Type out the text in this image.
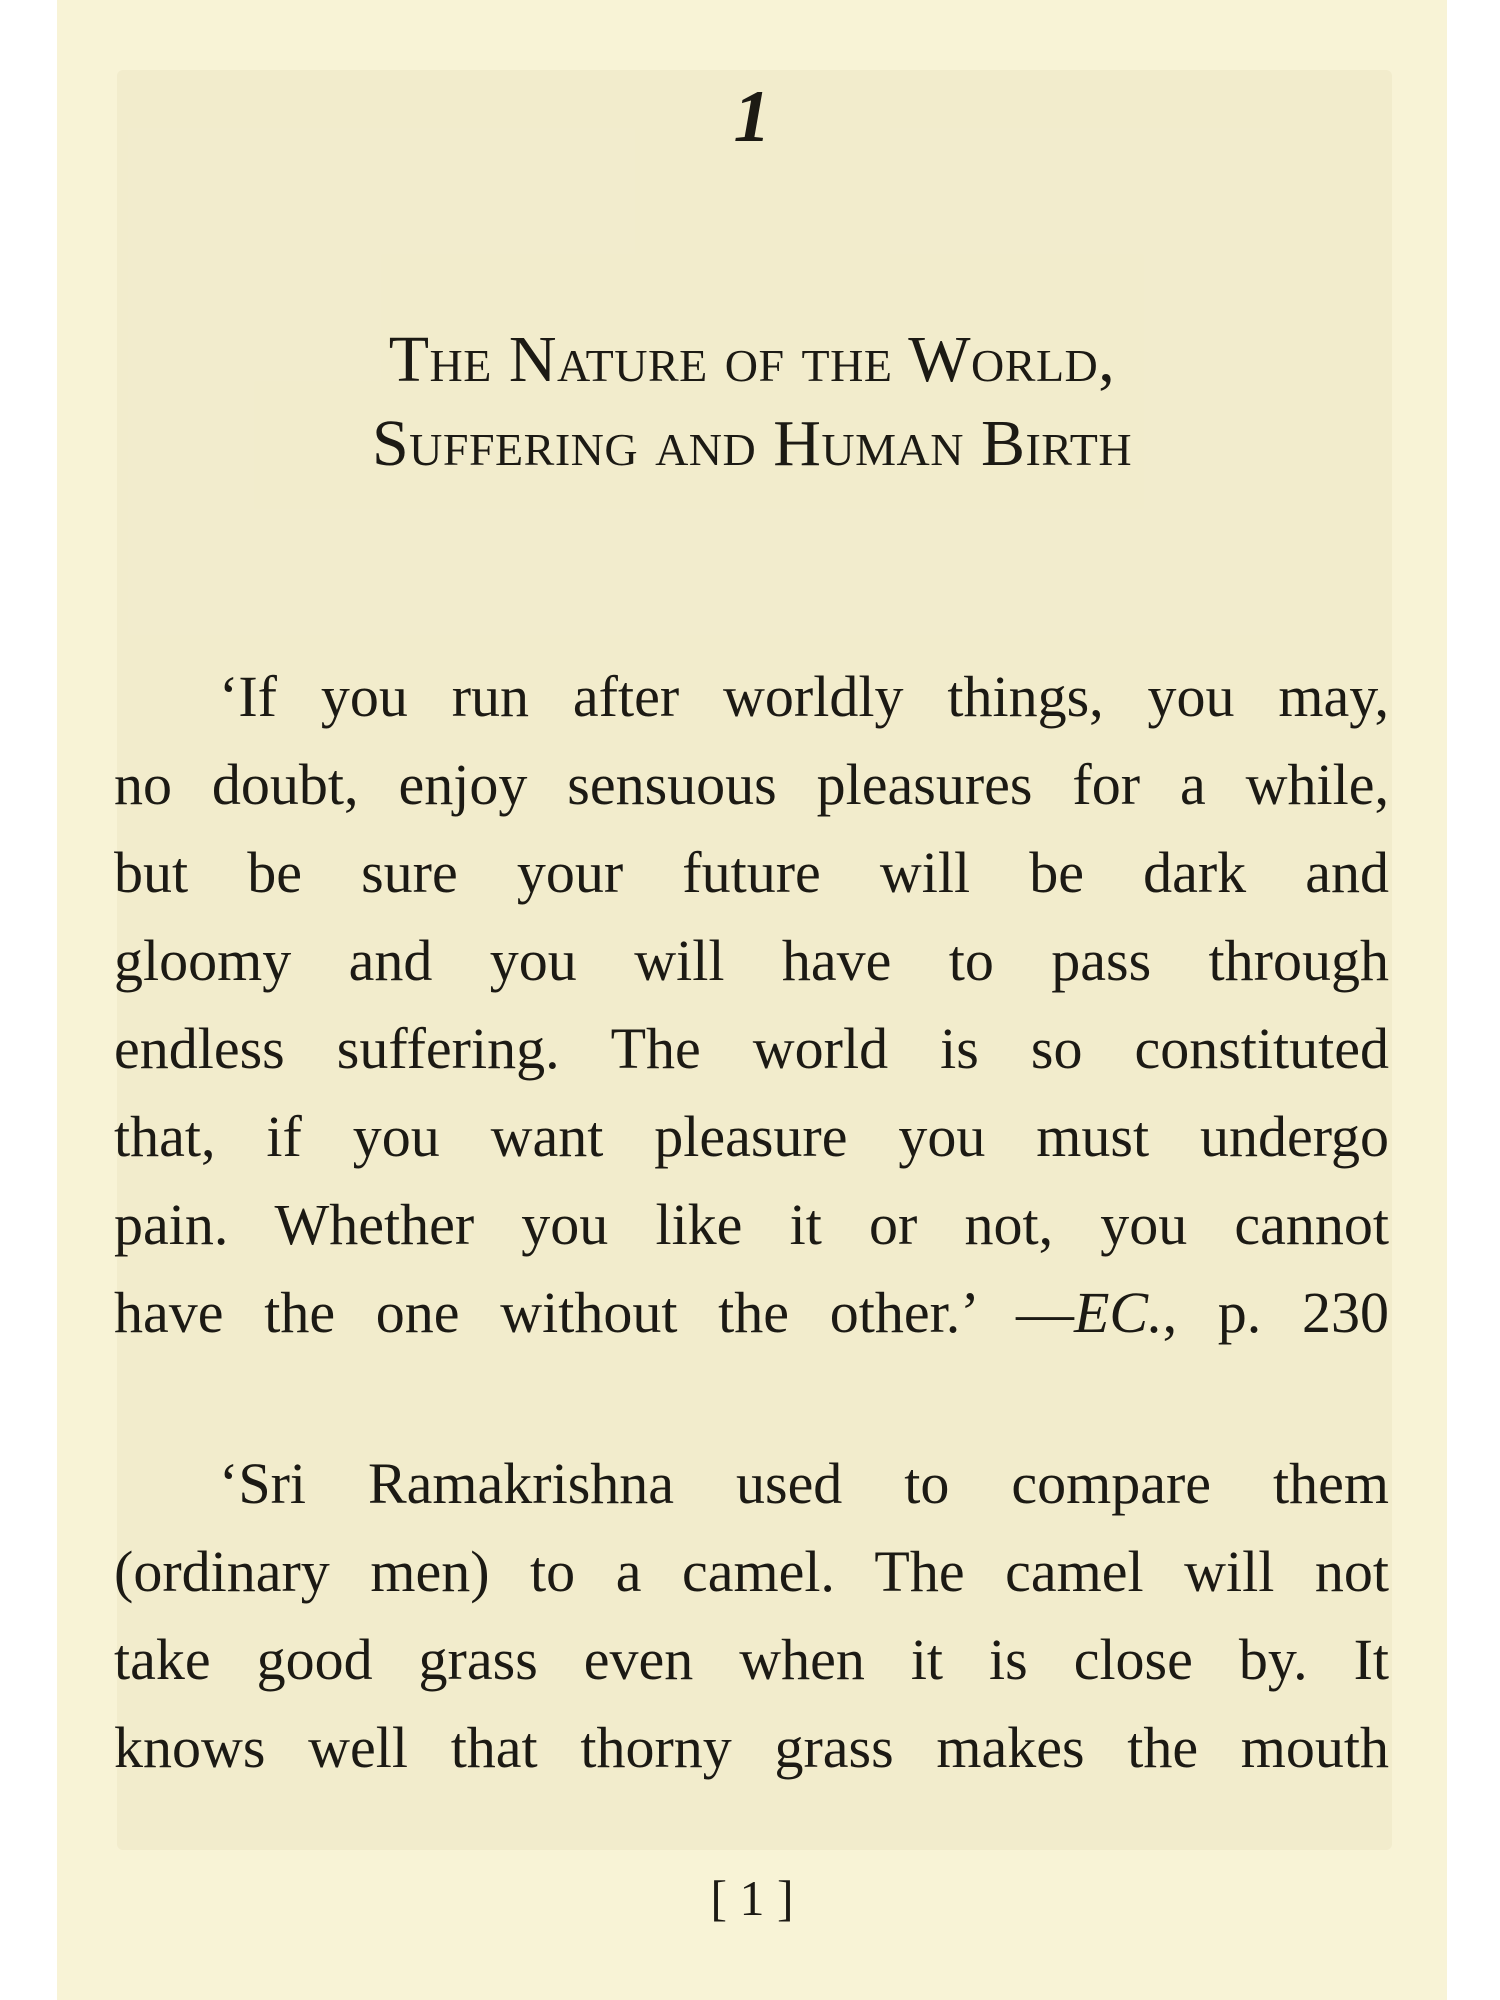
1
The Nature of the World,
Suffering and Human Birth

‘If you run after worldly things, you may,
no doubt, enjoy sensuous pleasures for a while,
but be sure your future will be dark and
gloomy and you will have to pass through
endless suffering. The world is so constituted
that, if you want pleasure you must undergo
pain. Whether you like it or not, you cannot
have the one without the other.’ —EC., p. 230

‘Sri Ramakrishna used to compare them
(ordinary men) to a camel. The camel will not
take good grass even when it is close by. It
knows well that thorny grass makes the mouth

[ 1 ]
